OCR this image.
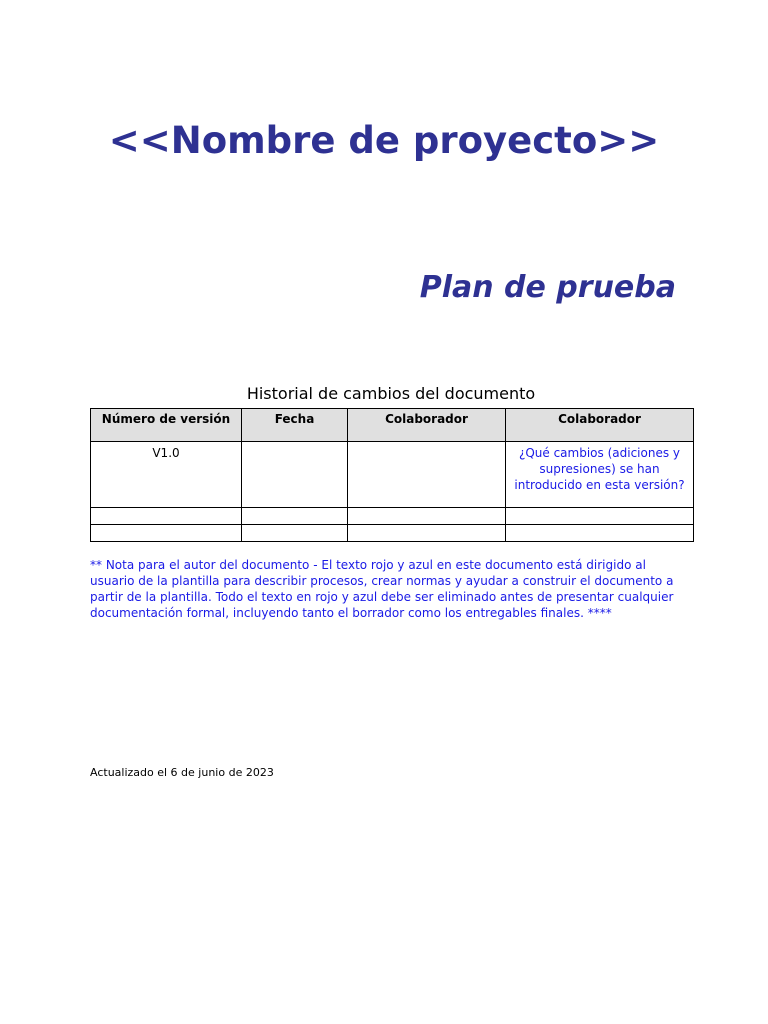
<<Nombre de proyecto>>
Plan de prueba
Historial de cambios del documento
Número de versión	Fecha	Colaborador	Colaborador
V1.0			¿Qué cambios (adiciones y supresiones) se han introducido en esta versión?

** Nota para el autor del documento - El texto rojo y azul en este documento está dirigido al usuario de la plantilla para describir procesos, crear normas y ayudar a construir el documento a partir de la plantilla. Todo el texto en rojo y azul debe ser eliminado antes de presentar cualquier documentación formal, incluyendo tanto el borrador como los entregables finales. ****

Actualizado el 6 de junio de 2023
